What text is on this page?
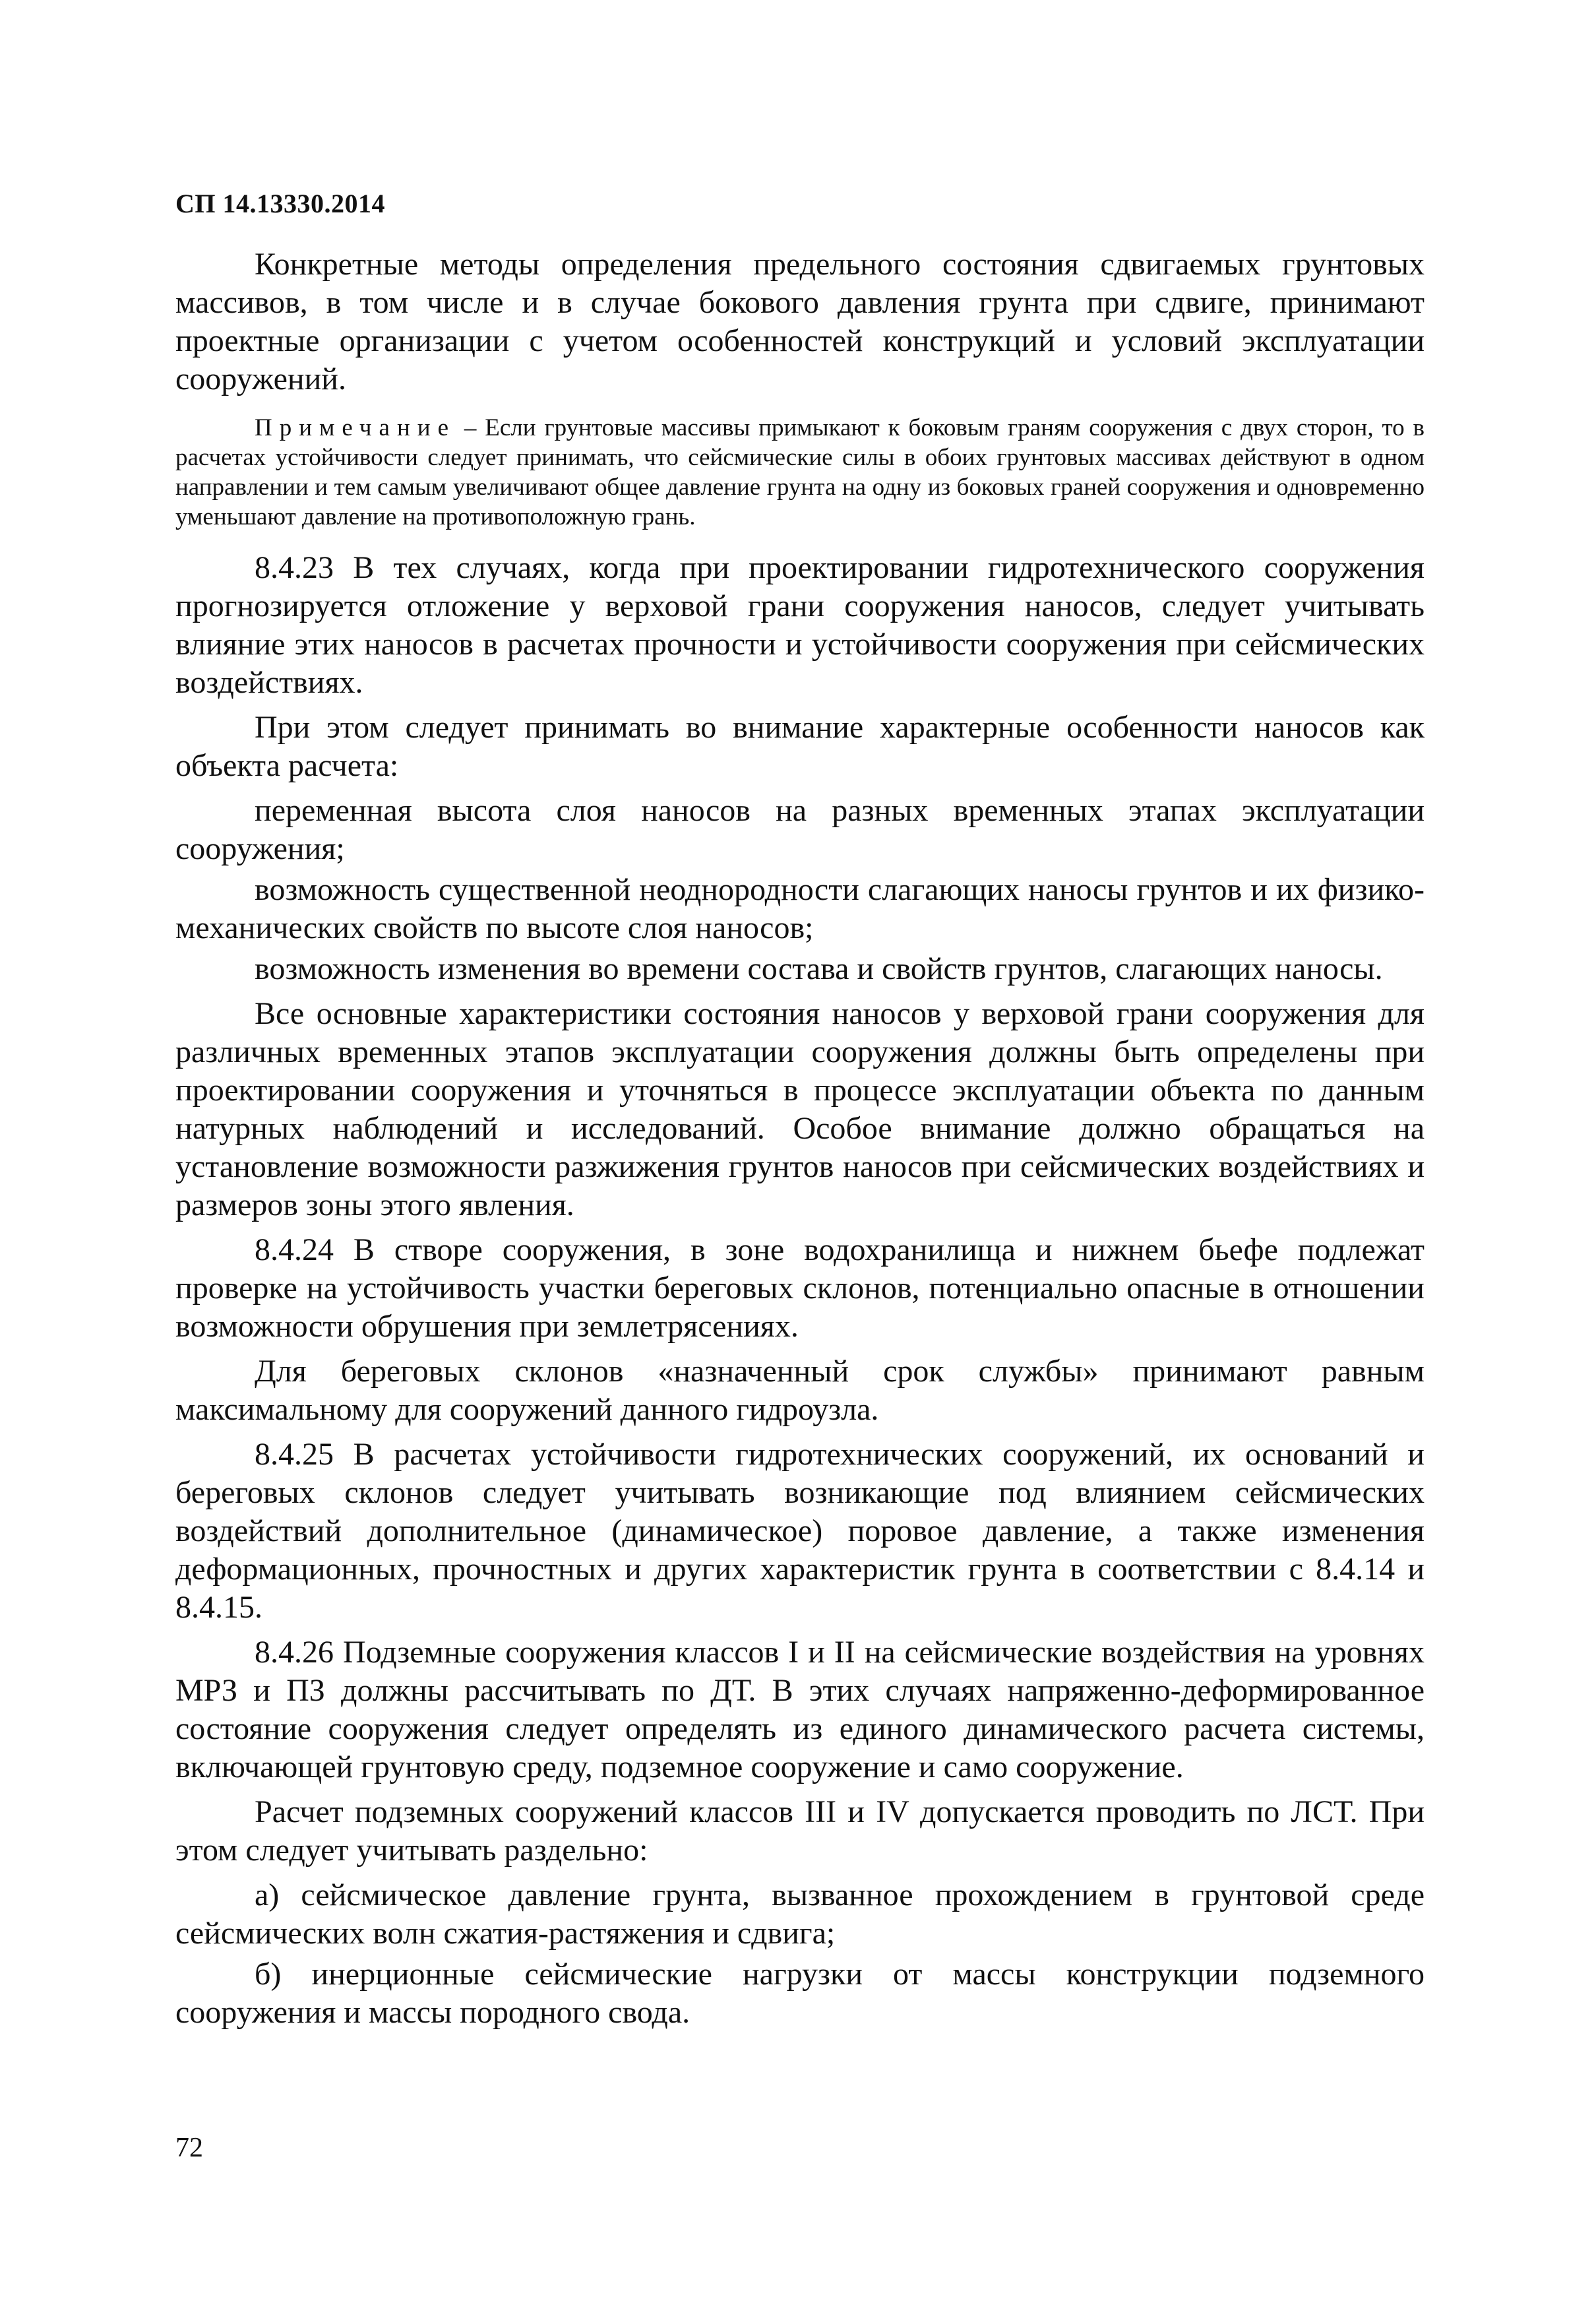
СП 14.13330.2014

Конкретные методы определения предельного состояния сдвигаемых грунтовых массивов, в том числе и в случае бокового давления грунта при сдвиге, принимают проектные организации с учетом особенностей конструкций и условий эксплуатации сооружений.

Примечание – Если грунтовые массивы примыкают к боковым граням сооружения с двух сторон, то в расчетах устойчивости следует принимать, что сейсмические силы в обоих грунтовых массивах действуют в одном направлении и тем самым увеличивают общее давление грунта на одну из боковых граней сооружения и одновременно уменьшают давление на противоположную грань.

8.4.23 В тех случаях, когда при проектировании гидротехнического сооружения прогнозируется отложение у верховой грани сооружения наносов, следует учитывать влияние этих наносов в расчетах прочности и устойчивости сооружения при сейсмических воздействиях.

При этом следует принимать во внимание характерные особенности наносов как объекта расчета:

переменная высота слоя наносов на разных временных этапах эксплуатации сооружения;

возможность существенной неоднородности слагающих наносы грунтов и их физико-механических свойств по высоте слоя наносов;

возможность изменения во времени состава и свойств грунтов, слагающих наносы.

Все основные характеристики состояния наносов у верховой грани сооружения для различных временных этапов эксплуатации сооружения должны быть определены при проектировании сооружения и уточняться в процессе эксплуатации объекта по данным натурных наблюдений и исследований. Особое внимание должно обращаться на установление возможности разжижения грунтов наносов при сейсмических воздействиях и размеров зоны этого явления.

8.4.24 В створе сооружения, в зоне водохранилища и нижнем бьефе подлежат проверке на устойчивость участки береговых склонов, потенциально опасные в отношении возможности обрушения при землетрясениях.

Для береговых склонов «назначенный срок службы» принимают равным максимальному для сооружений данного гидроузла.

8.4.25 В расчетах устойчивости гидротехнических сооружений, их оснований и береговых склонов следует учитывать возникающие под влиянием сейсмических воздействий дополнительное (динамическое) поровое давление, а также изменения деформационных, прочностных и других характеристик грунта в соответствии с 8.4.14 и 8.4.15.

8.4.26 Подземные сооружения классов I и II на сейсмические воздействия на уровнях МРЗ и ПЗ должны рассчитывать по ДТ. В этих случаях напряженно-деформированное состояние сооружения следует определять из единого динамического расчета системы, включающей грунтовую среду, подземное сооружение и само сооружение.

Расчет подземных сооружений классов III и IV допускается проводить по ЛСТ. При этом следует учитывать раздельно:

а) сейсмическое давление грунта, вызванное прохождением в грунтовой среде сейсмических волн сжатия-растяжения и сдвига;

б) инерционные сейсмические нагрузки от массы конструкции подземного сооружения и массы породного свода.

72
